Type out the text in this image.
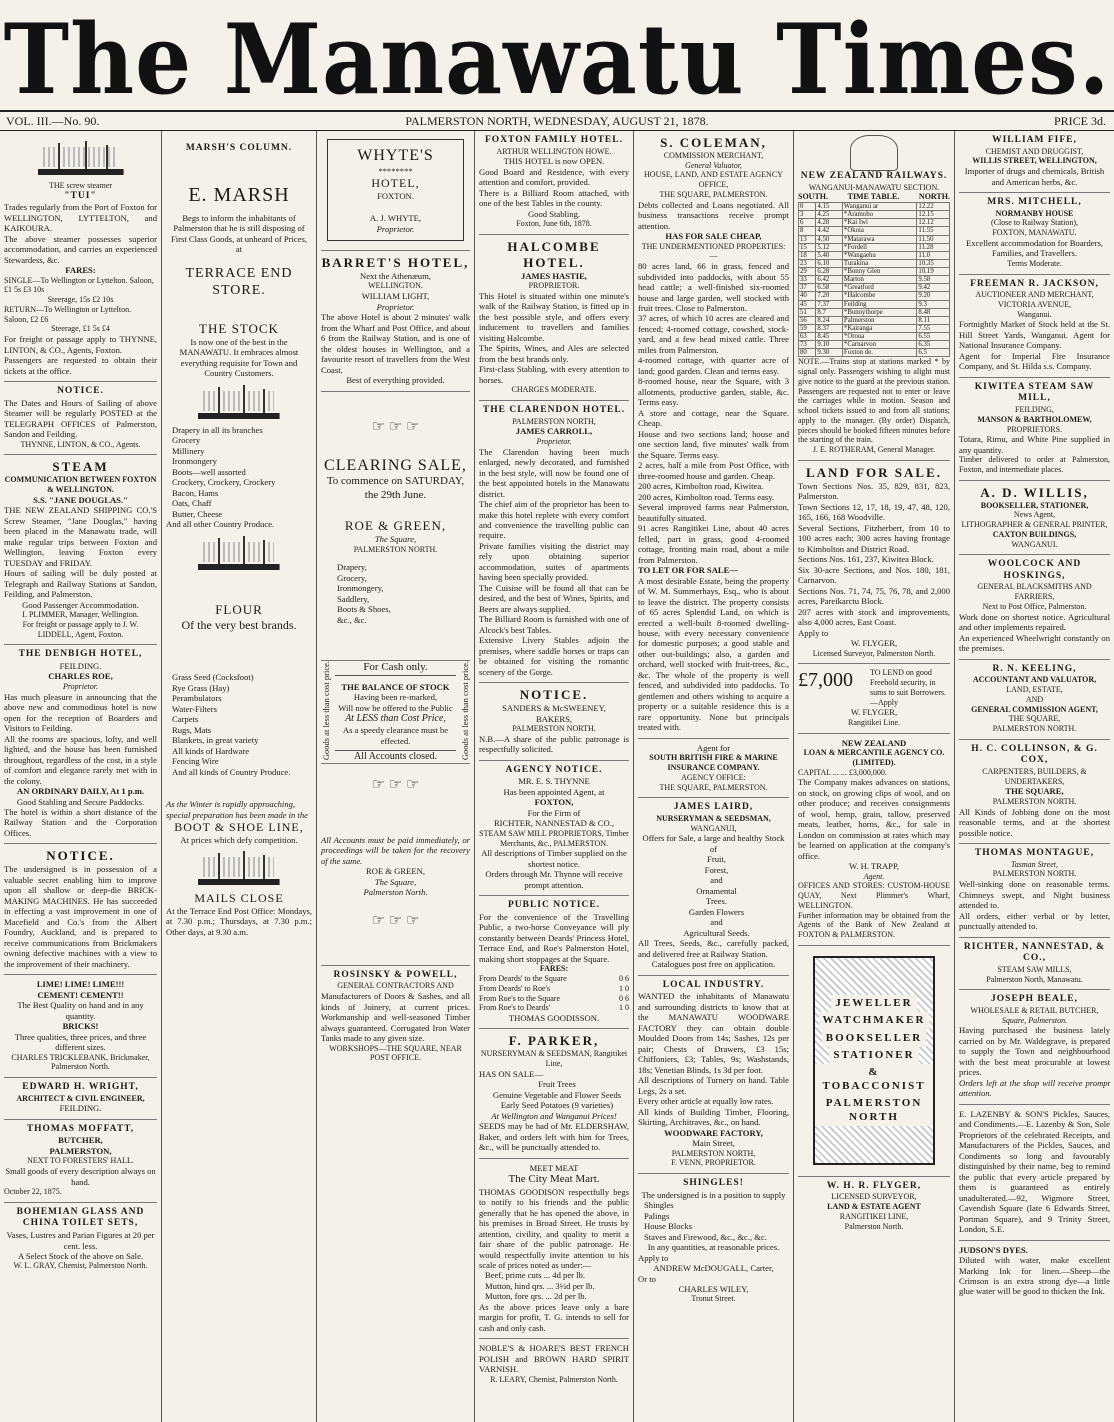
The Manawatu Times.
VOL. III.—No. 90.	PALMERSTON NORTH, WEDNESDAY, AUGUST 21, 1878.	PRICE 3d.
THE screw steamer
"TUI"
Trades regularly from the Port of Foxton for WELLINGTON, LYTTELTON, and KAIKOURA.
The above steamer possesses superior accommodation, and carries an experienced Stewardess, &c.
FARES:
SINGLE—To Wellington or Lyttelton. Saloon, £1 5s £3 10s
Steerage, 15s £2 10s
RETURN—To Wellington or Lyttelton. Saloon, £2 £6
Steerage, £1 5s £4
For freight or passage apply to THYNNE, LINTON, & CO., Agents, Foxton.
Passengers are requested to obtain their tickets at the office.
NOTICE.
The Dates and Hours of Sailing of above Steamer will be regularly POSTED at the TELEGRAPH OFFICES of Palmerston, Sandon and Feilding.
THYNNE, LINTON, & CO., Agents.
STEAM
COMMUNICATION BETWEEN FOXTON & WELLINGTON.
S.S. "JANE DOUGLAS."
THE NEW ZEALAND SHIPPING CO.'S Screw Steamer, "Jane Douglas," having been placed in the Manawatu trade, will make regular trips between Foxton and Wellington, leaving Foxton every TUESDAY and FRIDAY.
Hours of sailing will be duly posted at Telegraph and Railway Stations at Sandon, Feilding, and Palmerston.
Good Passenger Accommodation.
I. PLIMMER, Manager, Wellington.
For freight or passage apply to J. W. LIDDELL, Agent, Foxton.
THE DENBIGH HOTEL,
FEILDING.
CHARLES ROE,
Proprietor.
Has much pleasure in announcing that the above new and commodious hotel is now open for the reception of Boarders and Visitors to Feilding.
All the rooms are spacious, lofty, and well lighted, and the house has been furnished throughout, regardless of the cost, in a style of comfort and elegance rarely met with in the colony.
AN ORDINARY DAILY, At 1 p.m.
Good Stabling and Secure Paddocks.
The hotel is within a short distance of the Railway Station and the Corporation Offices.
NOTICE.
The undersigned is in possession of a valuable secret enabling him to improve upon all shallow or deep-die BRICK-MAKING MACHINES. He has succeeded in effecting a vast improvement in one of Macefield and Co.'s from the Albert Foundry, Auckland, and is prepared to receive communications from Brickmakers owning defective machines with a view to the improvement of their machinery.
LIME! LIME! LIME!!!
CEMENT! CEMENT!!
The Best Quality on hand and in any quantity.
BRICKS!
Three qualities, three prices, and three different sizes.
CHARLES TRICKLEBANK, Brickmaker, Palmerston North.
EDWARD H. WRIGHT,
ARCHITECT & CIVIL ENGINEER,
FEILDING.
THOMAS MOFFATT,
BUTCHER,
PALMERSTON,
NEXT TO FORESTERS' HALL.
Small goods of every description always on hand.
October 22, 1875.
BOHEMIAN GLASS AND CHINA TOILET SETS,
Vases, Lustres and Parian Figures at 20 per cent. less.
A Select Stock of the above on Sale.
W. L. GRAY, Chemist, Palmerston North.
MARSH'S COLUMN.
E. MARSH
Begs to inform the inhabitants of Palmerston that he is still disposing of First Class Goods, at unheard of Prices, at
TERRACE END STORE.
THE STOCK
Is now one of the best in the MANAWATU. It embraces almost everything requisite for Town and Country Customers.
Drapery in all its branches
Grocery
Millinery
Ironmongery
Boots—well assorted
Crockery, Crockery, Crockery
Bacon, Hams
Oats, Chaff
Butter, Cheese
And all other Country Produce.
FLOUR
Of the very best brands.
Grass Seed (Cocksfoot)
Rye Grass (Hay)
Perambulators
Water-Filters
Carpets
Rugs, Mats
Blankets, in great variety
All kinds of Hardware
Fencing Wire
And all kinds of Country Produce.
As the Winter is rapidly approaching, special preparation has been made in the
BOOT & SHOE LINE,
At prices which defy competition.
MAILS CLOSE
At the Terrace End Post Office: Mondays, at 7.30 p.m.; Thursdays, at 7.30 p.m.; Other days, at 9.30 a.m.
WHYTE'S
********
HOTEL,
FOXTON.
A. J. WHYTE,
Proprietor.
BARRET'S HOTEL,
Next the Athenæum,
WELLINGTON.
WILLIAM LIGHT,
Proprietor.
The above Hotel is about 2 minutes' walk from the Wharf and Post Office, and about 6 from the Railway Station, and is one of the oldest houses in Wellington, and a favourite resort of travellers from the West Coast.
Best of everything provided.
☞ ☞ ☞
CLEARING SALE,
To commence on SATURDAY, the 29th June.
ROE & GREEN,
The Square,
PALMERSTON NORTH.
Drapery,
Grocery,
Ironmongery,
Saddlery,
Boots & Shoes,
&c., &c.
Goods at less than cost price.	Goods at less than cost price.
For Cash only.
THE BALANCE OF STOCK
Having been re-marked,
Will now be offered to the Public
At LESS than Cost Price,
As a speedy clearance must be effected.
All Accounts closed.
☞ ☞ ☞
All Accounts must be paid immediately, or proceedings will be taken for the recovery of the same.
ROE & GREEN,
The Square,
Palmerston North.
☞ ☞ ☞
ROSINSKY & POWELL,
GENERAL CONTRACTORS AND
Manufacturers of Doors & Sashes, and all kinds of Joinery, at current prices. Workmanship and well-seasoned Timber always guaranteed. Corrugated Iron Water Tanks made to any given size.
WORKSHOPS—THE SQUARE, NEAR POST OFFICE.
FOXTON FAMILY HOTEL.
ARTHUR WELLINGTON HOWE.
THIS HOTEL is now OPEN.
Good Board and Residence, with every attention and comfort, provided.
There is a Billiard Room attached, with one of the best Tables in the county.
Good Stabling.
Foxton, June 6th, 1878.
HALCOMBE HOTEL.
JAMES HASTIE,
PROPRIETOR.
This Hotel is situated within one minute's walk of the Railway Station, is fitted up in the best possible style, and offers every inducement to travellers and families visiting Halcombe.
The Spirits, Wines, and Ales are selected from the best brands only.
First-class Stabling, with every attention to horses.
CHARGES MODERATE.
THE CLARENDON HOTEL.
PALMERSTON NORTH,
JAMES CARROLL,
Proprietor.
The Clarendon having been much enlarged, newly decorated, and furnished in the best style, will now be found one of the best appointed hotels in the Manawatu district.
The chief aim of the proprietor has been to make this hotel replete with every comfort and convenience the travelling public can require.
Private families visiting the district may rely upon obtaining superior accommodation, suites of apartments having been specially provided.
The Cuisine will be found all that can be desired, and the best of Wines, Spirits, and Beers are always supplied.
The Billiard Room is furnished with one of Alcock's best Tables.
Extensive Livery Stables adjoin the premises, where saddle horses or traps can be obtained for visiting the romantic scenery of the Gorge.
NOTICE.
SANDERS & McSWEENEY,
BAKERS,
PALMERSTON NORTH.
N.B.—A share of the public patronage is respectfully solicited.
AGENCY NOTICE.
MR. E. S. THYNNE
Has been appointed Agent, at
FOXTON,
For the Firm of
RICHTER, NANNESTAD & CO.,
STEAM SAW MILL PROPRIETORS, Timber Merchants, &c., PALMERSTON.
All descriptions of Timber supplied on the shortest notice.
Orders through Mr. Thynne will receive prompt attention.
PUBLIC NOTICE.
For the convenience of the Travelling Public, a two-horse Conveyance will ply constantly between Deards' Princess Hotel, Terrace End, and Roe's Palmerston Hotel, making short stoppages at the Square.
FARES:
From Deards' to the Square	0 6
From Deards' to Roe's	1 0
From Roe's to the Square	0 6
From Roe's to Deards'	1 0
THOMAS GOODISSON.
F. PARKER,
NURSERYMAN & SEEDSMAN, Rangitikei Line,
HAS ON SALE—
Fruit Trees
Genuine Vegetable and Flower Seeds
Early Seed Potatoes (9 varieties)
At Wellington and Wanganui Prices!
SEEDS may be had of Mr. ELDERSHAW, Baker, and orders left with him for Trees, &c., will be punctually attended to.
MEET MEAT
The City Meat Mart.
THOMAS GOODISON respectfully begs to notify to his friends and the public generally that he has opened the above, in his premises in Broad Street. He trusts by attention, civility, and quality to merit a fair share of the public patronage. He would respectfully invite attention to his scale of prices noted as under:—
Beef, prime cuts ... 4d per lb.
Mutton, hind qrs. ... 3½d per lb.
Mutton, fore qrs. ... 2d per lb.
As the above prices leave only a bare margin for profit, T. G. intends to sell for cash and only cash.
NOBLE'S & HOARE'S BEST FRENCH POLISH and BROWN HARD SPIRIT VARNISH.
R. LEARY, Chemist, Palmerston North.
S. COLEMAN,
COMMISSION MERCHANT,
General Valuator,
HOUSE, LAND, AND ESTATE AGENCY OFFICE,
THE SQUARE, PALMERSTON.
Debts collected and Loans negotiated. All business transactions receive prompt attention.
HAS FOR SALE CHEAP,
THE UNDERMENTIONED PROPERTIES:—
80 acres land, 66 in grass, fenced and subdivided into paddocks, with about 55 head cattle; a well-finished six-roomed house and large garden, well stocked with fruit trees. Close to Palmerston.
37 acres, of which 10 acres are cleared and fenced; 4-roomed cottage, cowshed, stock-yard, and a few head mixed cattle. Three miles from Palmerston.
4-roomed cottage, with quarter acre of land; good garden. Clean and terms easy.
8-roomed house, near the Square, with 3 allotments, productive garden, stable, &c. Terms easy.
A store and cottage, near the Square. Cheap.
House and two sections land; house and one section land, five minutes' walk from the Square. Terms easy.
2 acres, half a mile from Post Office, with three-roomed house and garden. Cheap.
200 acres, Kimbolton road, Kiwitea.
200 acres, Kimbolton road. Terms easy.
Several improved farms near Palmerston, beautifully situated.
91 acres Rangitikei Line, about 40 acres felled, part in grass, good 4-roomed cottage, fronting main road, about a mile from Palmerston.
TO LET OR FOR SALE—
A most desirable Estate, being the property of W. M. Summerhays, Esq., who is about to leave the district. The property consists of 65 acres Splendid Land, on which is erected a well-built 8-roomed dwelling-house, with every necessary convenience for domestic purposes; a good stable and other out-buildings; also, a garden and orchard, well stocked with fruit-trees, &c., &c. The whole of the property is well fenced, and subdivided into paddocks. To gentlemen and others wishing to acquire a property or a suitable residence this is a rare opportunity. None but principals treated with.
Agent for
SOUTH BRITISH FIRE & MARINE INSURANCE COMPANY.
AGENCY OFFICE:
THE SQUARE, PALMERSTON.
JAMES LAIRD,
NURSERYMAN & SEEDSMAN,
WANGANUI,
Offers for Sale, a large and healthy Stock of
Fruit,
Forest,
and
Ornamental
Trees.
Garden Flowers
and
Agricultural Seeds.
All Trees, Seeds, &c., carefully packed, and delivered free at Railway Station.
Catalogues post free on application.
LOCAL INDUSTRY.
WANTED the inhabitants of Manawatu and surrounding districts to know that at the MANAWATU WOODWARE FACTORY they can obtain double Moulded Doors from 14s; Sashes, 12s per pair; Chests of Drawers, £3 15s; Chiffoniers, £3; Tables, 9s; Washstands, 18s; Venetian Blinds, 1s 3d per foot.
All descriptions of Turnery on hand. Table Legs, 2s a set.
Every other article at equally low rates.
All kinds of Building Timber, Flooring, Skirting, Architraves, &c., on hand.
WOODWARE FACTORY,
Main Street,
PALMERSTON NORTH,
F. VENN, PROPRIETOR.
SHINGLES!
The undersigned is in a position to supply
Shingles
Palings
House Blocks
Staves and Firewood, &c., &c., &c.
In any quantities, at reasonable prices.
Apply to
ANDREW McDOUGALL, Carter,
Or to
CHARLES WILEY,
Tronut Street.
NEW ZEALAND RAILWAYS.
WANGANUI-MANAWATU SECTION.
SOUTH. TIME TABLE. NORTH.
0	4.15	Wanganui ar	12.22
3	4.25	*Aramoho	12.15
6	4.28	*Kai Iwi	12.12
8	4.42	*Okoia	11.55
13	4.50	*Matarawa	11.50
15	5.12	*Fordell	11.28
18	5.40	*Wangaehu	11.0
23	6.10	Turakina	10.35
29	6.28	*Bonny Glen	10.19
33	6.42	Marton	9.58
37	6.58	*Greatford	9.42
40	7.20	*Halcombe	9.20
45	7.37	Feilding	9.3
51	8.7	*Bunnythorpe	8.48
56	8.24	Palmerston	8.11
59	8.37	*Kairanga	7.55
63	8.45	*Oroua	6.55
73	9.10	*Carnarvon	6.35
80	9.30	Foxton de.	6.5
NOTE.—Trains stop at stations marked * by signal only. Passengers wishing to alight must give notice to the guard at the previous station. Passengers are requested not to enter or leave the carriages while in motion. Season and school tickets issued to and from all stations; apply to the manager. (By order) Dispatch, pieces should be booked fifteen minutes before the starting of the train.
J. E. ROTHERAM, General Manager.
LAND FOR SALE.
Town Sections Nos. 35, 829, 831, 823, Palmerston.
Town Sections 12, 17, 18, 19, 47, 48, 120, 165, 166, 168 Woodville.
Several Sections, Fitzherbert, from 10 to 100 acres each; 300 acres having frontage to Kimbolton and District Road.
Sections Nos. 161, 237, Kiwitea Block.
Six 30-acre Sections, and Nos. 180, 181, Carnarvon.
Sections Nos. 71, 74, 75, 76, 78, and 2,000 acres, Pareikarctu Block.
207 acres with stock and improvements, also 4,000 acres, East Coast.
Apply to
W. FLYGER,
Licensed Surveyor, Palmerston North.
£7,000 TO LEND on good Freehold security, in sums to suit Borrowers.—Apply
W. FLYGER,
Rangitikei Line.
NEW ZEALAND
LOAN & MERCANTILE AGENCY CO. (LIMITED).
CAPITAL ... ... £3,000,000.
The Company makes advances on stations, on stock, on growing clips of wool, and on other produce; and receives consignments of wool, hemp, grain, tallow, preserved meats, leather, horns, &c., for sale in London on commission at rates which may be learned on application at the company's office.
W. H. TRAPP,
Agent.
OFFICES AND STORES: CUSTOM-HOUSE QUAY, Next Plimmer's Wharf, WELLINGTON.
Further information may be obtained from the Agents of the Bank of New Zealand at FOXTON & PALMERSTON.
JEWELLER
WATCHMAKER
BOOKSELLER
STATIONER
& TOBACCONIST
PALMERSTON NORTH
W. H. R. FLYGER,
LICENSED SURVEYOR,
LAND & ESTATE AGENT
RANGITIKEI LINE,
Palmerston North.
WILLIAM FIFE,
CHEMIST AND DRUGGIST,
WILLIS STREET, WELLINGTON,
Importer of drugs and chemicals, British and American herbs, &c.
MRS. MITCHELL,
NORMANBY HOUSE
(Close to Railway Station),
FOXTON, MANAWATU.
Excellent accommodation for Boarders, Families, and Travellers.
Terms Moderate.
FREEMAN R. JACKSON,
AUCTIONEER AND MERCHANT,
VICTORIA AVENUE,
Wanganui.
Fortnightly Market of Stock held at the St. Hill Street Yards, Wanganui. Agent for National Insurance Company.
Agent for Imperial Fire Insurance Company, and St. Hilda s.s. Company.
KIWITEA STEAM SAW MILL,
FEILDING,
MANSON & BARTHOLOMEW,
PROPRIETORS.
Totara, Rimu, and White Pine supplied in any quantity.
Timber delivered to order at Palmerston, Foxton, and intermediate places.
A. D. WILLIS,
BOOKSELLER, STATIONER,
News Agent,
LITHOGRAPHER & GENERAL PRINTER,
CAXTON BUILDINGS,
WANGANUI.
WOOLCOCK AND HOSKINGS,
GENERAL BLACKSMITHS AND FARRIERS,
Next to Post Office, Palmerston.
Work done on shortest notice. Agricultural and other implements repaired.
An experienced Wheelwright constantly on the premises.
R. N. KEELING,
ACCOUNTANT AND VALUATOR,
LAND, ESTATE,
AND
GENERAL COMMISSION AGENT,
THE SQUARE,
PALMERSTON NORTH.
H. C. COLLINSON, & G. COX,
CARPENTERS, BUILDERS, & UNDERTAKERS,
THE SQUARE,
PALMERSTON NORTH.
All Kinds of Jobbing done on the most reasonable terms, and at the shortest possible notice.
THOMAS MONTAGUE,
Tasman Street,
PALMERSTON NORTH.
Well-sinking done on reasonable terms. Chimneys swept, and Night business attended to.
All orders, either verbal or by letter, punctually attended to.
RICHTER, NANNESTAD, & CO.,
STEAM SAW MILLS,
Palmerston North, Manawatu.
JOSEPH BEALE,
WHOLESALE & RETAIL BUTCHER,
Square, Palmerston.
Having purchased the business lately carried on by Mr. Waldegrave, is prepared to supply the Town and neighbourhood with the best meat procurable at lowest prices.
Orders left at the shop will receive prompt attention.
E. LAZENBY & SON'S Pickles, Sauces, and Condiments.—E. Lazenby & Son, Sole Proprietors of the celebrated Receipts, and Manufacturers of the Pickles, Sauces, and Condiments so long and favourably distinguished by their name, beg to remind the public that every article prepared by them is guaranteed as entirely unadulterated.—92, Wigmore Street, Cavendish Square (late 6 Edwards Street, Portman Square), and 9 Trinity Street, London, S.E.
JUDSON'S DYES.
Diluted with water, make excellent Marking Ink for linen.—Sheep—the Crimson is an extra strong dye—a little glue water will be good to thicken the Ink.
